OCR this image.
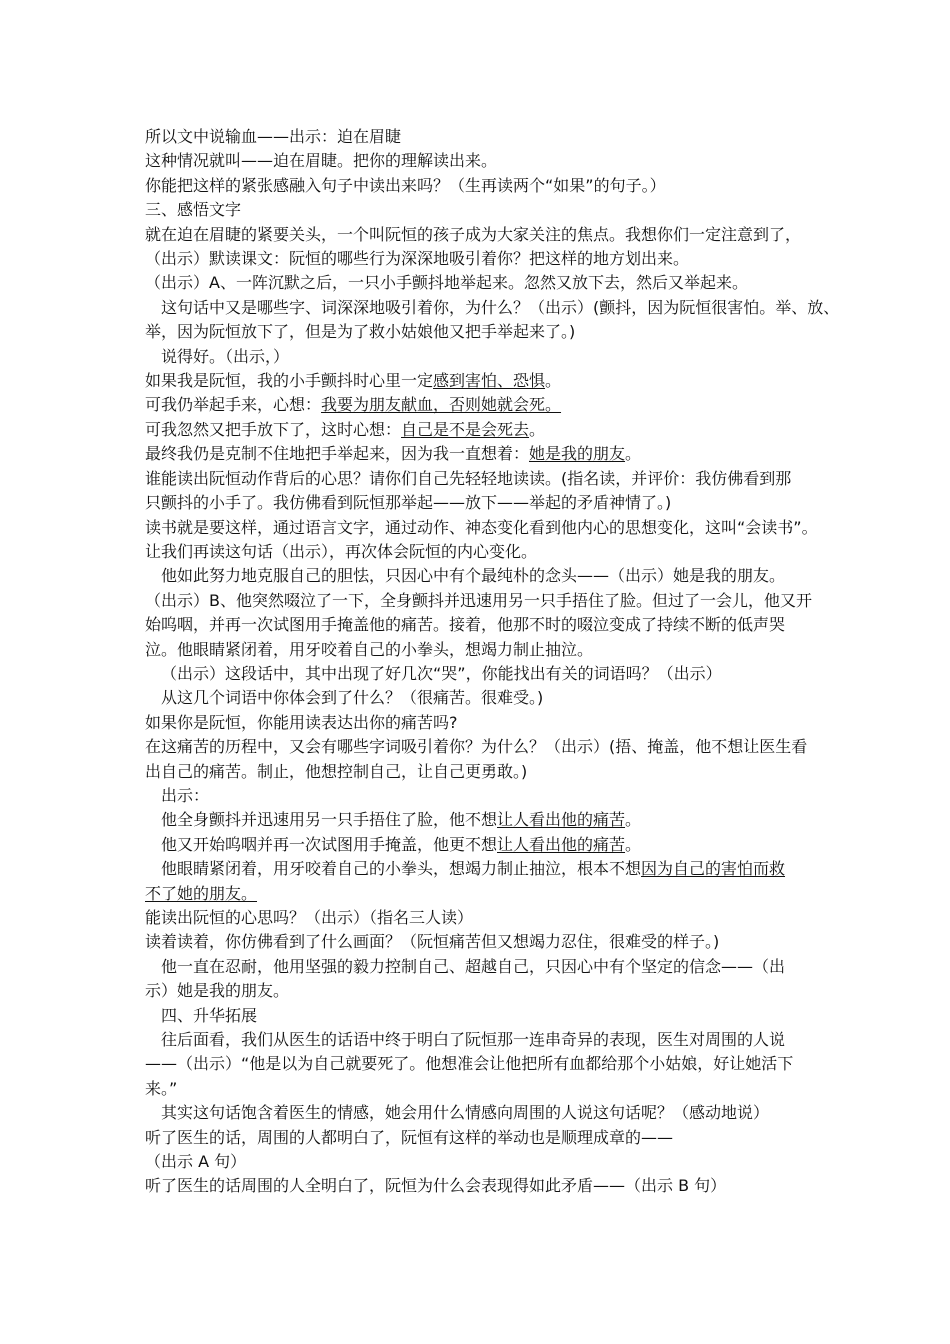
所以文中说输血——出示：迫在眉睫
这种情况就叫——迫在眉睫。把你的理解读出来。
你能把这样的紧张感融入句子中读出来吗？（生再读两个“如果”的句子。）
三、感悟文字
就在迫在眉睫的紧要关头，一个叫阮恒的孩子成为大家关注的焦点。我想你们一定注意到了，
（出示）默读课文：阮恒的哪些行为深深地吸引着你？把这样的地方划出来。
（出示）A、一阵沉默之后，一只小手颤抖地举起来。忽然又放下去，然后又举起来。
这句话中又是哪些字、词深深地吸引着你，为什么？（出示）(颤抖，因为阮恒很害怕。举、放、
举，因为阮恒放下了，但是为了救小姑娘他又把手举起来了。)
说得好。（出示，）
如果我是阮恒，我的小手颤抖时心里一定感到害怕、恐惧。
可我仍举起手来，心想：我要为朋友献血，否则她就会死。
可我忽然又把手放下了，这时心想：自己是不是会死去。
最终我仍是克制不住地把手举起来，因为我一直想着：她是我的朋友。
谁能读出阮恒动作背后的心思？请你们自己先轻轻地读读。(指名读，并评价：我仿佛看到那
只颤抖的小手了。我仿佛看到阮恒那举起——放下——举起的矛盾神情了。)
读书就是要这样，通过语言文字，通过动作、神态变化看到他内心的思想变化，这叫“会读书”。
让我们再读这句话（出示），再次体会阮恒的内心变化。
他如此努力地克服自己的胆怯，只因心中有个最纯朴的念头——（出示）她是我的朋友。
（出示）B、他突然啜泣了一下，全身颤抖并迅速用另一只手捂住了脸。但过了一会儿，他又开
始呜咽，并再一次试图用手掩盖他的痛苦。接着，他那不时的啜泣变成了持续不断的低声哭
泣。他眼睛紧闭着，用牙咬着自己的小拳头，想竭力制止抽泣。
（出示）这段话中，其中出现了好几次“哭”，你能找出有关的词语吗？（出示）
从这几个词语中你体会到了什么？（很痛苦。很难受。)
如果你是阮恒，你能用读表达出你的痛苦吗?
在这痛苦的历程中，又会有哪些字词吸引着你？为什么？（出示）(捂、掩盖，他不想让医生看
出自己的痛苦。制止，他想控制自己，让自己更勇敢。)
出示：
他全身颤抖并迅速用另一只手捂住了脸，他不想让人看出他的痛苦。
他又开始呜咽并再一次试图用手掩盖，他更不想让人看出他的痛苦。
他眼睛紧闭着，用牙咬着自己的小拳头，想竭力制止抽泣，根本不想因为自己的害怕而救
不了她的朋友。
能读出阮恒的心思吗？（出示）（指名三人读）
读着读着，你仿佛看到了什么画面？（阮恒痛苦但又想竭力忍住，很难受的样子。)
他一直在忍耐，他用坚强的毅力控制自己、超越自己，只因心中有个坚定的信念——（出
示）她是我的朋友。
四、升华拓展
往后面看，我们从医生的话语中终于明白了阮恒那一连串奇异的表现，医生对周围的人说
——（出示）“他是以为自己就要死了。他想准会让他把所有血都给那个小姑娘，好让她活下
来。”
其实这句话饱含着医生的情感，她会用什么情感向周围的人说这句话呢？（感动地说）
听了医生的话，周围的人都明白了，阮恒有这样的举动也是顺理成章的——
（出示 A 句）
听了医生的话周围的人全明白了，阮恒为什么会表现得如此矛盾——（出示 B 句）
